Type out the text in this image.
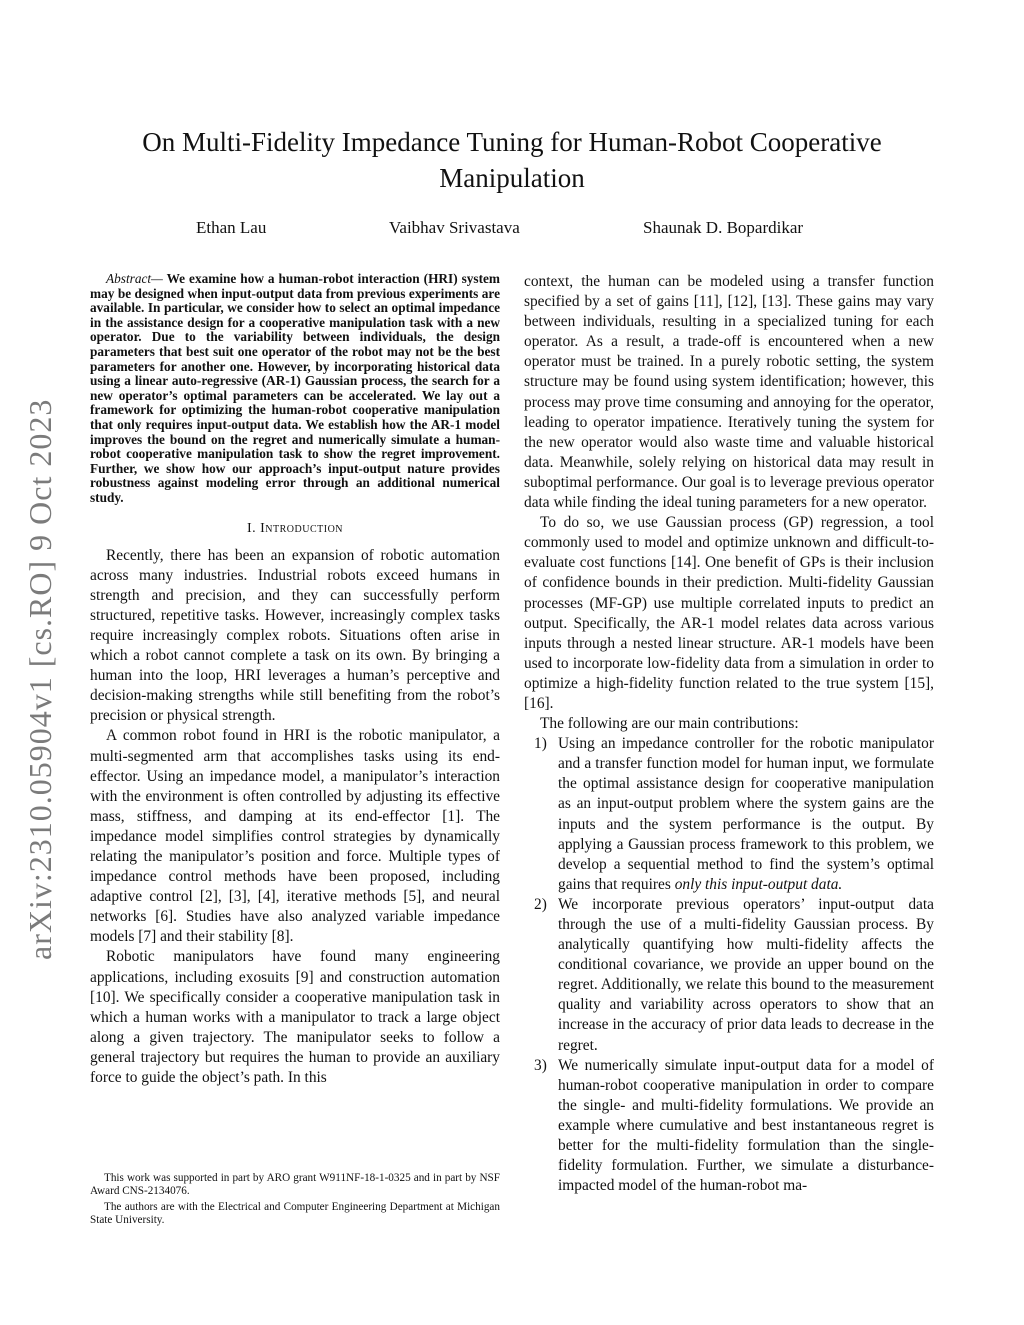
arXiv:2310.05904v1 [cs.RO] 9 Oct 2023
On Multi-Fidelity Impedance Tuning for Human-Robot Cooperative Manipulation
Ethan Lau	Vaibhav Srivastava	Shaunak D. Bopardikar

Abstract— We examine how a human-robot interaction (HRI) system may be designed when input-output data from previous experiments are available. In particular, we consider how to select an optimal impedance in the assistance design for a cooperative manipulation task with a new operator. Due to the variability between individuals, the design parameters that best suit one operator of the robot may not be the best parameters for another one. However, by incorporating historical data using a linear auto-regressive (AR-1) Gaussian process, the search for a new operator’s optimal parameters can be accelerated. We lay out a framework for optimizing the human-robot cooperative manipulation that only requires input-output data. We establish how the AR-1 model improves the bound on the regret and numerically simulate a human-robot cooperative manipulation task to show the regret improvement. Further, we show how our approach’s input-output nature provides robustness against modeling error through an additional numerical study.

I. Introduction

Recently, there has been an expansion of robotic automation across many industries. Industrial robots exceed humans in strength and precision, and they can successfully perform structured, repetitive tasks. However, increasingly complex tasks require increasingly complex robots. Situations often arise in which a robot cannot complete a task on its own. By bringing a human into the loop, HRI leverages a human’s perceptive and decision-making strengths while still benefiting from the robot’s precision or physical strength.

A common robot found in HRI is the robotic manipulator, a multi-segmented arm that accomplishes tasks using its end-effector. Using an impedance model, a manipulator’s interaction with the environment is often controlled by adjusting its effective mass, stiffness, and damping at its end-effector [1]. The impedance model simplifies control strategies by dynamically relating the manipulator’s position and force. Multiple types of impedance control methods have been proposed, including adaptive control [2], [3], [4], iterative methods [5], and neural networks [6]. Studies have also analyzed variable impedance models [7] and their stability [8].

Robotic manipulators have found many engineering applications, including exosuits [9] and construction automation [10]. We specifically consider a cooperative manipulation task in which a human works with a manipulator to track a large object along a given trajectory. The manipulator seeks to follow a general trajectory but requires the human to provide an auxiliary force to guide the object’s path. In this

This work was supported in part by ARO grant W911NF-18-1-0325 and in part by NSF Award CNS-2134076.

The authors are with the Electrical and Computer Engineering Department at Michigan State University.

context, the human can be modeled using a transfer function specified by a set of gains [11], [12], [13]. These gains may vary between individuals, resulting in a specialized tuning for each operator. As a result, a trade-off is encountered when a new operator must be trained. In a purely robotic setting, the system structure may be found using system identification; however, this process may prove time consuming and annoying for the operator, leading to operator impatience. Iteratively tuning the system for the new operator would also waste time and valuable historical data. Meanwhile, solely relying on historical data may result in suboptimal performance. Our goal is to leverage previous operator data while finding the ideal tuning parameters for a new operator.

To do so, we use Gaussian process (GP) regression, a tool commonly used to model and optimize unknown and difficult-to-evaluate cost functions [14]. One benefit of GPs is their inclusion of confidence bounds in their prediction. Multi-fidelity Gaussian processes (MF-GP) use multiple correlated inputs to predict an output. Specifically, the AR-1 model relates data across various inputs through a nested linear structure. AR-1 models have been used to incorporate low-fidelity data from a simulation in order to optimize a high-fidelity function related to the true system [15], [16].

The following are our main contributions:

1) Using an impedance controller for the robotic manipulator and a transfer function model for human input, we formulate the optimal assistance design for cooperative manipulation as an input-output problem where the system gains are the inputs and the system performance is the output. By applying a Gaussian process framework to this problem, we develop a sequential method to find the system’s optimal gains that requires only this input-output data.
2) We incorporate previous operators’ input-output data through the use of a multi-fidelity Gaussian process. By analytically quantifying how multi-fidelity affects the conditional covariance, we provide an upper bound on the regret. Additionally, we relate this bound to the measurement quality and variability across operators to show that an increase in the accuracy of prior data leads to decrease in the regret.
3) We numerically simulate input-output data for a model of human-robot cooperative manipulation in order to compare the single- and multi-fidelity formulations. We provide an example where cumulative and best instantaneous regret is better for the multi-fidelity formulation than the single-fidelity formulation. Further, we simulate a disturbance-impacted model of the human-robot ma-
